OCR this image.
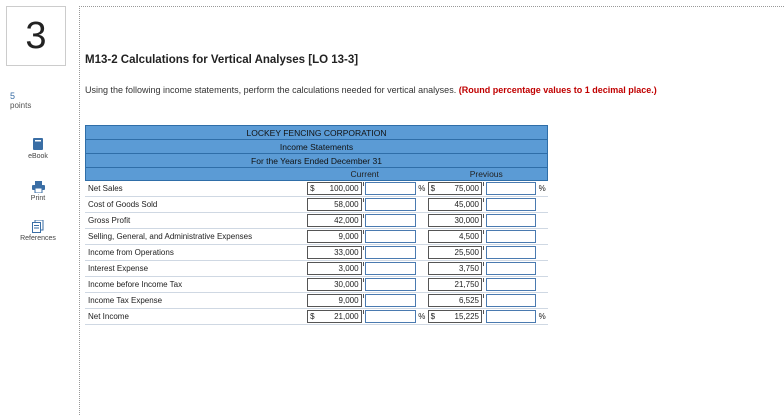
3
5
points
eBook
Print
References
M13-2 Calculations for Vertical Analyses [LO 13-3]
Using the following income statements, perform the calculations needed for vertical analyses. (Round percentage values to 1 decimal place.)
LOCKEY FENCING CORPORATION
Income Statements
For the Years Ended December 31
Current	Previous
Net Sales	$ 100,000	% $ 75,000	%
Cost of Goods Sold	58,000	45,000
Gross Profit	42,000	30,000
Selling, General, and Administrative Expenses	9,000	4,500
Income from Operations	33,000	25,500
Interest Expense	3,000	3,750
Income before Income Tax	30,000	21,750
Income Tax Expense	9,000	6,525
Net Income	$ 21,000	% $ 15,225	%
